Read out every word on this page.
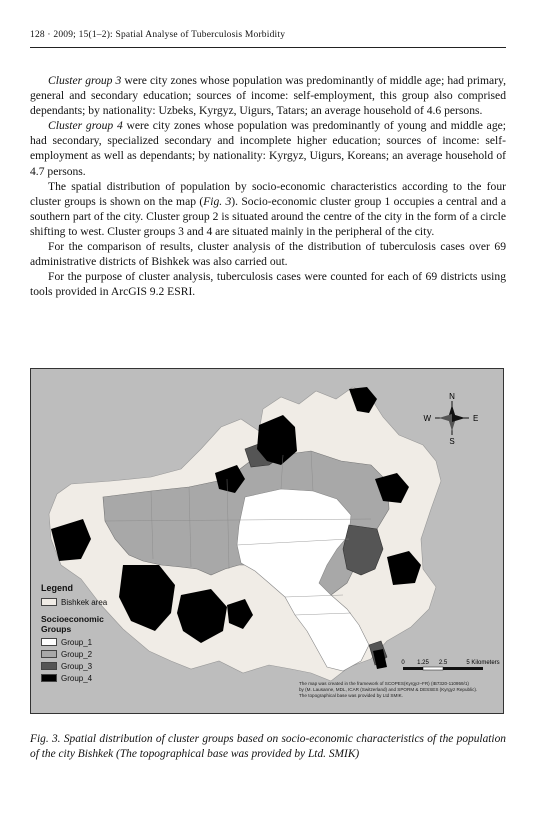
128 · 2009; 15(1–2): Spatial Analyse of Tuberculosis Morbidity

Cluster group 3 were city zones whose population was predominantly of middle age; had primary, general and secondary education; sources of income: self-employment, this group also comprised dependants; by nationality: Uzbeks, Kyrgyz, Uigurs, Tatars; an average household of 4.6 persons.

Cluster group 4 were city zones whose population was predominantly of young and middle age; had secondary, specialized secondary and incomplete higher education; sources of income: self-employment as well as dependants; by nationality: Kyrgyz, Uigurs, Koreans; an average household of 4.7 persons.

The spatial distribution of population by socio-economic characteristics according to the four cluster groups is shown on the map (Fig. 3). Socio-economic cluster group 1 occupies a central and a southern part of the city. Cluster group 2 is situated around the centre of the city in the form of a circle shifting to west. Cluster groups 3 and 4 are situated mainly in the peripheral of the city.

For the comparison of results, cluster analysis of the distribution of tuberculosis cases over 69 administrative districts of Bishkek was also carried out.

For the purpose of cluster analysis, tuberculosis cases were counted for each of 69 districts using tools provided in ArcGIS 9.2 ESRI.

N
S
W	E
0 1.25 2.5	5 Kilometers
Legend
Bishkek area
Socioeconomic
Groups
Group_1
Group_2
Group_3
Group_4
The map was created in the framework of SCOPES(Kyrgyz–FR) (IB7320-110959/1)
by (M. Lausanne, MDL, ICAR (Switzerland) and SPORM & DESSES (Kyrgyz Republic).
The topographical base was provided by Ltd SMIK.
Fig. 3. Spatial distribution of cluster groups based on socio-economic characteristics of the population of the city Bishkek (The topographical base was provided by Ltd. SMIK)
